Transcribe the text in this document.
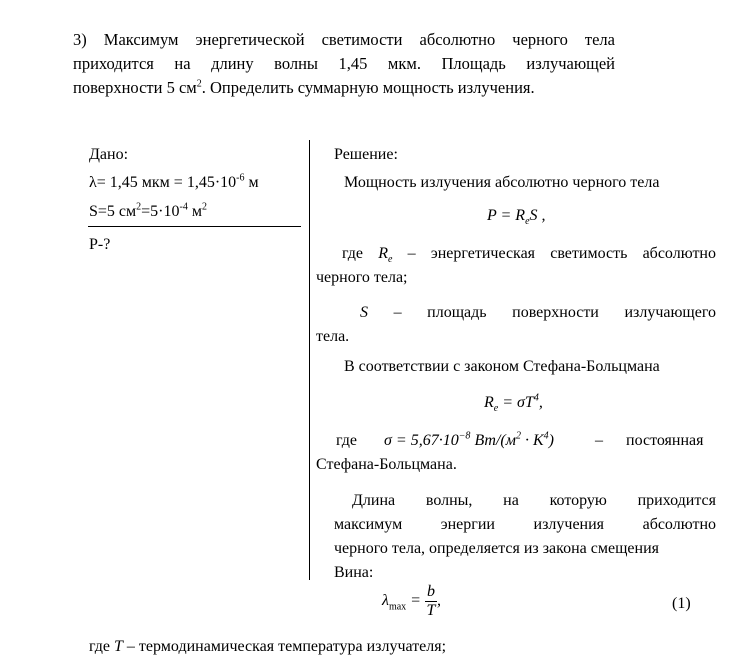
3) Максимум энергетической светимости абсолютно черного тела

приходится на длину волны 1,45 мкм. Площадь излучающей

поверхности 5 $см^2$. Определить суммарную мощность излучения.

Дано:
λ= 1,45 мкм = $1,45\cdot 10^{-6}$ м
S=5 $см^2=5\cdot 10^{-4}$ $м^2$
Р-?
Решение:
Мощность излучения абсолютно черного тела
$P = R_eS$ ,

где $R_e$ – энергетическая светимость абсолютно

черного тела;

S – площадь поверхности излучающего

тела.

В соответствии с законом Стефана-Больцмана
$R_e = \sigma T^4$,
где $\sigma = 5,67\cdot 10^{-8}$ $Вт/(м^2 \cdot K^4)$	– постоянная
Стефана-Больцмана.

Длина волны, на которую приходится

максимум энергии излучения абсолютно

черного тела, определяется из закона смещения

Вина:

$\lambda_{max} = \frac{b}{T}$ ,	(1)
где T – термодинамическая температура излучателя;
